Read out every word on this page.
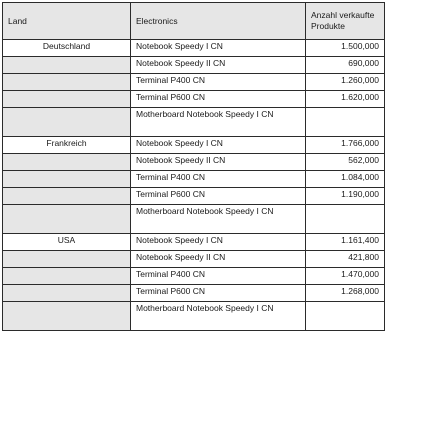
Land	Electronics	Anzahl verkaufte Produkte
Deutschland	Notebook Speedy I CN	1.500,000
	Notebook Speedy II CN	690,000
	Terminal P400 CN	1.260,000
	Terminal P600 CN	1.620,000
	Motherboard Notebook Speedy I CN	
Frankreich	Notebook Speedy I CN	1.766,000
	Notebook Speedy II CN	562,000
	Terminal P400 CN	1.084,000
	Terminal P600 CN	1.190,000
	Motherboard Notebook Speedy I CN	
USA	Notebook Speedy I CN	1.161,400
	Notebook Speedy II CN	421,800
	Terminal P400 CN	1.470,000
	Terminal P600 CN	1.268,000
	Motherboard Notebook Speedy I CN	
